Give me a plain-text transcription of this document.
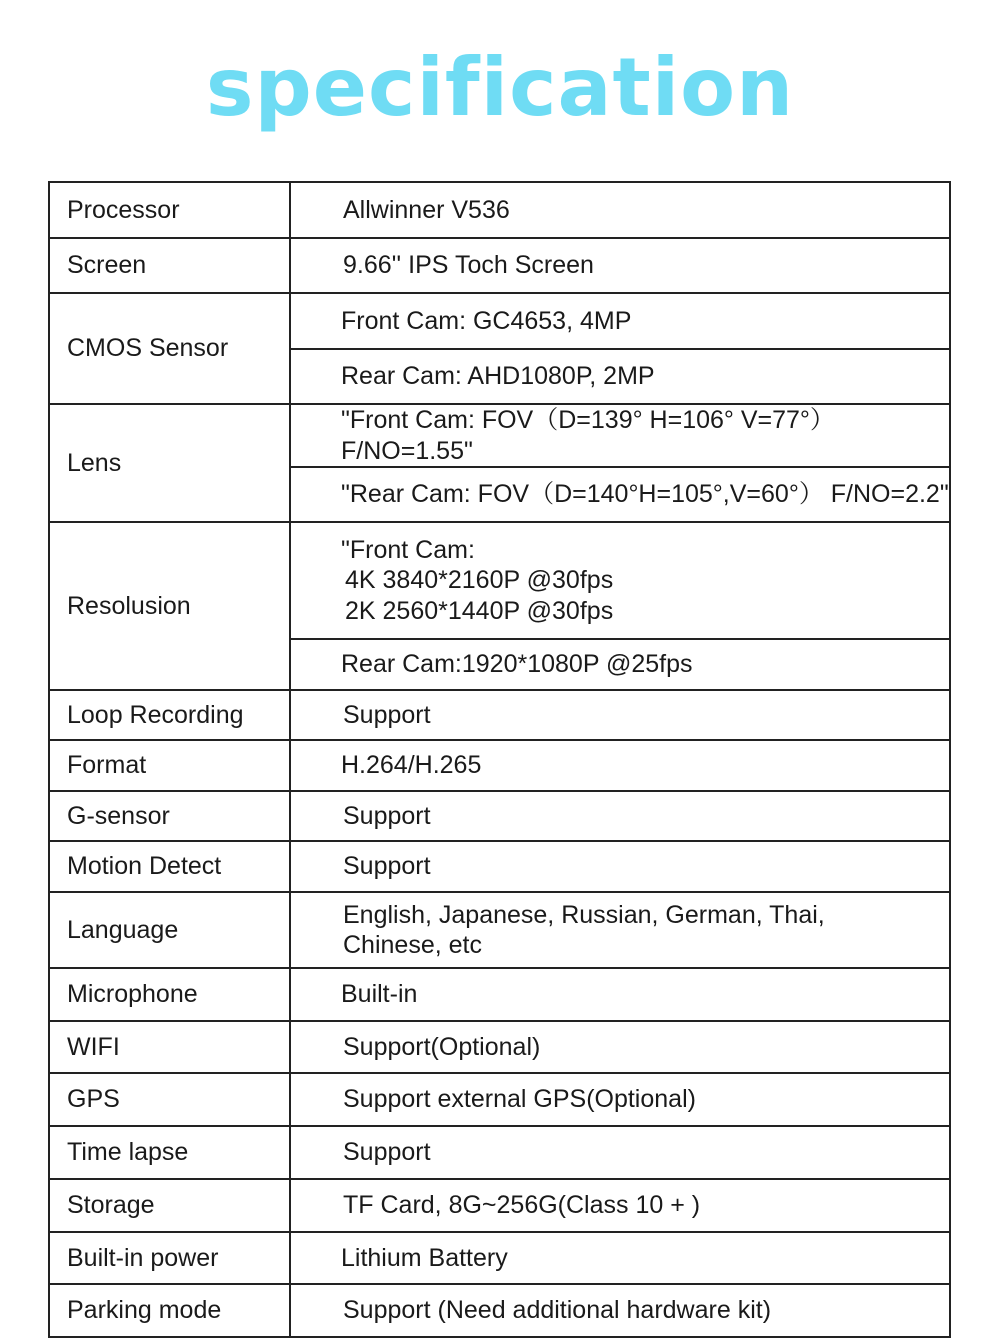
specification
Processor	Allwinner V536
Screen	9.66'' IPS Toch Screen
CMOS Sensor	Front Cam: GC4653, 4MP
	Rear Cam: AHD1080P, 2MP
Lens	"Front Cam: FOV（D=139° H=106° V=77°） F/NO=1.55"
	"Rear Cam: FOV（D=140°H=105°,V=60°） F/NO=2.2"
Resolusion	"Front Cam:
4K 3840*2160P @30fps
2K 2560*1440P @30fps

	Rear Cam:1920*1080P @25fps
Loop Recording	Support
Format	H.264/H.265
G-sensor	Support
Motion Detect	Support
Language	English, Japanese, Russian, German, Thai,
Chinese, etc

Microphone	Built-in
WIFI	Support(Optional)
GPS	Support external GPS(Optional)
Time lapse	Support
Storage	TF Card, 8G~256G(Class 10 + )
Built-in power	Lithium Battery
Parking mode	Support (Need additional hardware kit)
